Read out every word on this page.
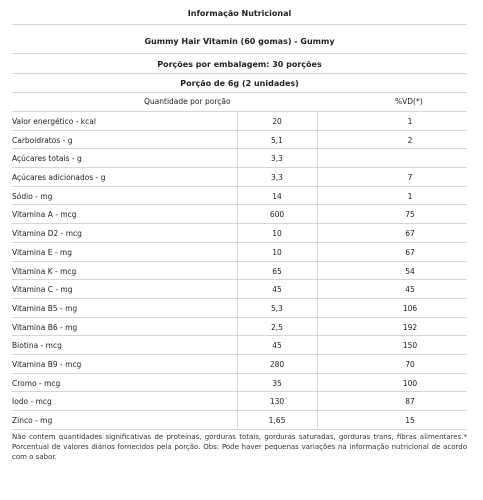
Informação Nutricional
Gummy Hair Vitamin (60 gomas) - Gummy
Porções por embalagem: 30 porções
Porção de 6g (2 unidades)
Quantidade por porção	%VD(*)
Valor energético - kcal	20	1
Carboidratos - g	5,1	2
Açúcares totais - g	3,3
Açúcares adicionados - g	3,3	7
Sódio - mg	14	1
Vitamina A - mcg	600	75
Vitamina D2 - mcg	10	67
Vitamina E - mg	10	67
Vitamina K - mcg	65	54
Vitamina C - mg	45	45
Vitamina B5 - mg	5,3	106
Vitamina B6 - mg	2,5	192
Biotina - mcg	45	150
Vitamina B9 - mcg	280	70
Cromo - mcg	35	100
Iodo - mcg	130	87
Zinco - mg	1,65	15
Não contem quantidades significativas de proteínas, gorduras totais, gorduras saturadas, gorduras trans, fibras alimentares.* Porcentual de valores diários fornecidos pela porção. Obs: Pode haver pequenas variações na informação nutricional de acordo com o sabor.
